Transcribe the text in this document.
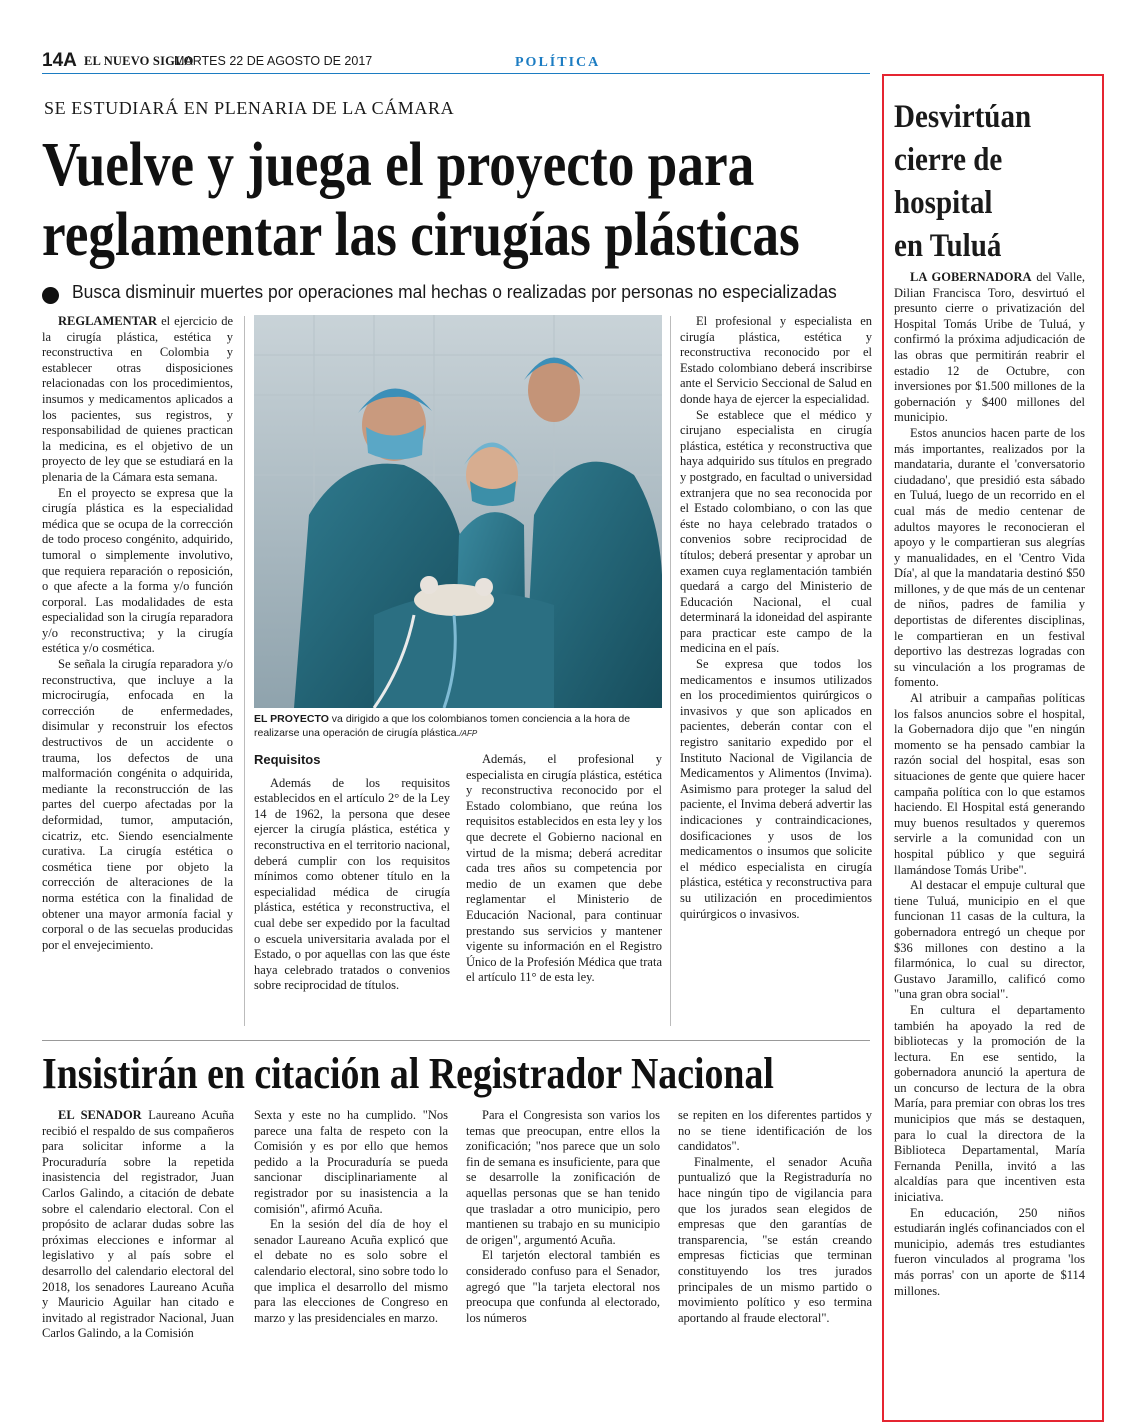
14A EL NUEVO SIGLO
MARTES 22 DE AGOSTO DE 2017	POLÍTICA
SE ESTUDIARÁ EN PLENARIA DE LA CÁMARA
Vuelve y juega el proyecto para
reglamentar las cirugías plásticas
Busca disminuir muertes por operaciones mal hechas o realizadas por personas no especializadas

REGLAMENTAR el ejercicio de la cirugía plástica, estética y reconstructiva en Colombia y establecer otras disposiciones relacionadas con los procedimientos, insumos y medicamentos aplicados a los pacientes, sus registros, y responsabilidad de quienes practican la medicina, es el objetivo de un proyecto de ley que se estudiará en la plenaria de la Cámara esta semana.

En el proyecto se expresa que la cirugía plástica es la especialidad médica que se ocupa de la corrección de todo proceso congénito, adquirido, tumoral o simplemente involutivo, que requiera reparación o reposición, o que afecte a la forma y/o función corporal. Las modalidades de esta especialidad son la cirugía reparadora y/o reconstructiva; y la cirugía estética y/o cosmética.

Se señala la cirugía reparadora y/o reconstructiva, que incluye a la microcirugía, enfocada en la corrección de enfermedades, disimular y reconstruir los efectos destructivos de un accidente o trauma, los defectos de una malformación congénita o adquirida, mediante la reconstrucción de las partes del cuerpo afectadas por la deformidad, tumor, amputación, cicatriz, etc. Siendo esencialmente curativa. La cirugía estética o cosmética tiene por objeto la corrección de alteraciones de la norma estética con la finalidad de obtener una mayor armonía facial y corporal o de las secuelas producidas por el envejecimiento.

EL PROYECTO va dirigido a que los colombianos tomen conciencia a la hora de realizarse una operación de cirugía plástica./AFP
Requisitos

Además de los requisitos establecidos en el artículo 2° de la Ley 14 de 1962, la persona que desee ejercer la cirugía plástica, estética y reconstructiva en el territorio nacional, deberá cumplir con los requisitos mínimos como obtener título en la especialidad médica de cirugía plástica, estética y reconstructiva, el cual debe ser expedido por la facultad o escuela universitaria avalada por el Estado, o por aquellas con las que éste haya celebrado tratados o convenios sobre reciprocidad de títulos.

Además, el profesional y especialista en cirugía plástica, estética y reconstructiva reconocido por el Estado colombiano, que reúna los requisitos establecidos en esta ley y los que decrete el Gobierno nacional en virtud de la misma; deberá acreditar cada tres años su competencia por medio de un examen que debe reglamentar el Ministerio de Educación Nacional, para continuar prestando sus servicios y mantener vigente su información en el Registro Único de la Profesión Médica que trata el artículo 11° de esta ley.

El profesional y especialista en cirugía plástica, estética y reconstructiva reconocido por el Estado colombiano deberá inscribirse ante el Servicio Seccional de Salud en donde haya de ejercer la especialidad.

Se establece que el médico y cirujano especialista en cirugía plástica, estética y reconstructiva que haya adquirido sus títulos en pregrado y postgrado, en facultad o universidad extranjera que no sea reconocida por el Estado colombiano, o con las que éste no haya celebrado tratados o convenios sobre reciprocidad de títulos; deberá presentar y aprobar un examen cuya reglamentación también quedará a cargo del Ministerio de Educación Nacional, el cual determinará la idoneidad del aspirante para practicar este campo de la medicina en el país.

Se expresa que todos los medicamentos e insumos utilizados en los procedimientos quirúrgicos o invasivos y que son aplicados en pacientes, deberán contar con el registro sanitario expedido por el Instituto Nacional de Vigilancia de Medicamentos y Alimentos (Invima). Asimismo para proteger la salud del paciente, el Invima deberá advertir las indicaciones y contraindicaciones, dosificaciones y usos de los medicamentos o insumos que solicite el médico especialista en cirugía plástica, estética y reconstructiva para su utilización en procedimientos quirúrgicos o invasivos.

Insistirán en citación al Registrador Nacional

EL SENADOR Laureano Acuña recibió el respaldo de sus compañeros para solicitar informe a la Procuraduría sobre la repetida inasistencia del registrador, Juan Carlos Galindo, a citación de debate sobre el calendario electoral. Con el propósito de aclarar dudas sobre las próximas elecciones e informar al legislativo y al país sobre el desarrollo del calendario electoral del 2018, los senadores Laureano Acuña y Mauricio Aguilar han citado e invitado al registrador Nacional, Juan Carlos Galindo, a la Comisión

Sexta y este no ha cumplido. "Nos parece una falta de respeto con la Comisión y es por ello que hemos pedido a la Procuraduría se pueda sancionar disciplinariamente al registrador por su inasistencia a la comisión", afirmó Acuña.

En la sesión del día de hoy el senador Laureano Acuña explicó que el debate no es solo sobre el calendario electoral, sino sobre todo lo que implica el desarrollo del mismo para las elecciones de Congreso en marzo y las presidenciales en marzo.

Para el Congresista son varios los temas que preocupan, entre ellos la zonificación; "nos parece que un solo fin de semana es insuficiente, para que se desarrolle la zonificación de aquellas personas que se han tenido que trasladar a otro municipio, pero mantienen su trabajo en su municipio de origen", argumentó Acuña.

El tarjetón electoral también es considerado confuso para el Senador, agregó que "la tarjeta electoral nos preocupa que confunda al electorado, los números

se repiten en los diferentes partidos y no se tiene identificación de los candidatos".

Finalmente, el senador Acuña puntualizó que la Registraduría no hace ningún tipo de vigilancia para que los jurados sean elegidos de empresas que den garantías de transparencia, "se están creando empresas ficticias que terminan constituyendo los tres jurados principales de un mismo partido o movimiento político y eso termina aportando al fraude electoral".

Desvirtúan
cierre de
hospital
en Tuluá

LA GOBERNADORA del Valle, Dilian Francisca Toro, desvirtuó el presunto cierre o privatización del Hospital Tomás Uribe de Tuluá, y confirmó la próxima adjudicación de las obras que permitirán reabrir el estadio 12 de Octubre, con inversiones por $1.500 millones de la gobernación y $400 millones del municipio.

Estos anuncios hacen parte de los más importantes, realizados por la mandataria, durante el 'conversatorio ciudadano', que presidió esta sábado en Tuluá, luego de un recorrido en el cual más de medio centenar de adultos mayores le reconocieran el apoyo y le compartieran sus alegrías y manualidades, en el 'Centro Vida Día', al que la mandataria destinó $50 millones, y de que más de un centenar de niños, padres de familia y deportistas de diferentes disciplinas, le compartieran en un festival deportivo las destrezas logradas con su vinculación a los programas de fomento.

Al atribuir a campañas políticas los falsos anuncios sobre el hospital, la Gobernadora dijo que "en ningún momento se ha pensado cambiar la razón social del hospital, esas son situaciones de gente que quiere hacer campaña política con lo que estamos haciendo. El Hospital está generando muy buenos resultados y queremos servirle a la comunidad con un hospital público y que seguirá llamándose Tomás Uribe".

Al destacar el empuje cultural que tiene Tuluá, municipio en el que funcionan 11 casas de la cultura, la gobernadora entregó un cheque por $36 millones con destino a la filarmónica, lo cual su director, Gustavo Jaramillo, calificó como "una gran obra social".

En cultura el departamento también ha apoyado la red de bibliotecas y la promoción de la lectura. En ese sentido, la gobernadora anunció la apertura de un concurso de lectura de la obra María, para premiar con obras los tres municipios que más se destaquen, para lo cual la directora de la Biblioteca Departamental, María Fernanda Penilla, invitó a las alcaldías para que incentiven esta iniciativa.

En educación, 250 niños estudiarán inglés cofinanciados con el municipio, además tres estudiantes fueron vinculados al programa 'los más porras' con un aporte de $114 millones.
